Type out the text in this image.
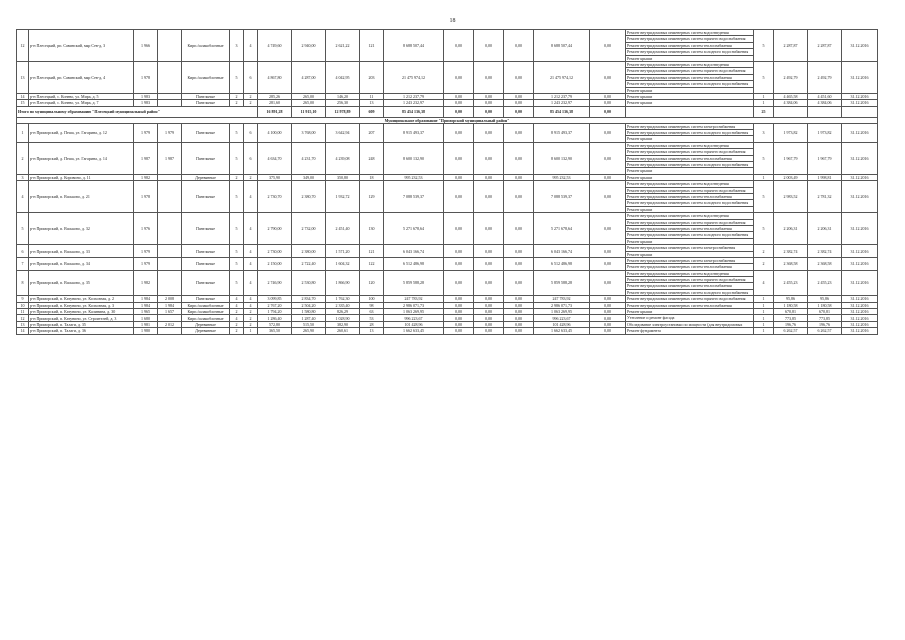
18
12	р-н Плесецкий, рп. Савинский, мкр Сев-д, 3	1 966		Кирп./шлакоблочные	3	4	4 749,60	2 940,00	2 621,22	121	8 688 507,44	0,00	0,00	0,00	8 688 507,44	0,00	Ремонт внутридомовых инженерных систем водоотведения
Ремонт внутридомовых инженерных систем горячего водоснабжения
Ремонт внутридомовых инженерных систем теплоснабжения
Ремонт внутридомовых инженерных систем холодного водоснабжения
Ремонт крыши	5	2 287,87	2 287,87	31.12.2016
13	р-н Плесецкий, рп. Савинский, мкр Сев-д, 4	1 978		Кирп./шлакоблочные	5	6	4 867,80	4 287,00	4 042,95	203	21 475 974,12	0,00	0,00	0,00	21 475 974,12	0,00	Ремонт внутридомовых инженерных систем водоотведения
Ремонт внутридомовых инженерных систем горячего водоснабжения
Ремонт внутридомовых инженерных систем теплоснабжения
Ремонт внутридомовых инженерных систем холодного водоснабжения
Ремонт крыши	5	2 492,79	2 492,79	31.12.2016
14	р-н Плесецкий, с. Конево, ул. Мира, д. 5	1 983		Панельные	2	2	285,26	265,00	146,20	11	1 212 237,79	0,00	0,00	0,00	1 212 237,79	0,00	Ремонт крыши	1	4 465,58	4 451,60	31.12.2016
15	р-н Плесецкий, с. Конево, ул. Мира, д. 7	1 983		Панельные	2	2	281,60	265,00	256,30	13	1 243 232,97	0,00	0,00	0,00	1 243 232,97	0,00	Ремонт крыши	1	4 384,06	4 384,06	31.12.2016
Итого по муниципальному образованию "Плесецкий муниципальный район"							16 891,28	11 915,10	12 978,89	609	85 454 136,38	0,00	0,00	0,00	85 454 136,38	0,00		25			
Муниципальное образование "Приморский муниципальный район"																					
1	р-н Приморский, д. Пеша, ул. Гагарина, д. 12	1 979	1 979	Панельные	5	6	4 100,00	3 768,00	3 642,94	207	8 915 493,37	0,00	0,00	0,00	8 915 493,37	0,00	Ремонт внутридомовых инженерных систем электроснабжения
Ремонт внутридомовых инженерных систем холодного водоснабжения
Ремонт крыши	3	1 973,82	1 973,82	31.12.2016
2	р-н Приморский, д. Пеша, ул. Гагарина, д. 14	1 987	1 987	Панельные	5	6	4 634,70	4 231,70	4 239,08	248	8 600 132,90	0,00	0,00	0,00	8 600 132,90	0,00	Ремонт внутридомовых инженерных систем водоотведения
Ремонт внутридомовых инженерных систем горячего водоснабжения
Ремонт внутридомовых инженерных систем теплоснабжения
Ремонт внутридомовых инженерных систем холодного водоснабжения
Ремонт крыши	5	1 967,79	1 967,79	31.12.2016
3	р-н Приморский, д. Коровино, д. 11	1 982		Деревянные	2	2	375,90	349,00	350,80	18	995 232,53	0,00	0,00	0,00	995 232,53	0,00	Ремонт крыши	1	2 003,49	1 998,81	31.12.2016
4	р-н Приморский, п. Васьково, д. 21	1 978		Панельные	5	4	2 730,70	2 380,70	1 932,72	129	7 088 539,37	0,00	0,00	0,00	7 088 539,37	0,00	Ремонт внутридомовых инженерных систем водоотведения
Ремонт внутридомовых инженерных систем горячего водоснабжения
Ремонт внутридомовых инженерных систем теплоснабжения
Ремонт внутридомовых инженерных систем холодного водоснабжения
Ремонт крыши	5	2 983,52	2 781,32	31.12.2016
5	р-н Приморский, п. Васьково, д. 32	1 976		Панельные	5	4	2 790,00	2 732,00	2 451,40	130	5 271 678,64	0,00	0,00	0,00	5 271 678,64	0,00	Ремонт внутридомовых инженерных систем водоотведения
Ремонт внутридомовых инженерных систем горячего водоснабжения
Ремонт внутридомовых инженерных систем теплоснабжения
Ремонт внутридомовых инженерных систем холодного водоснабжения
Ремонт крыши	5	2 206,31	2 206,31	31.12.2016
6	р-н Приморский, п. Васьково, д. 33	1 979		Панельные	5	4	2 730,00	2 380,00	1 571,20	121	6 043 166,74	0,00	0,00	0,00	6 043 166,74	0,00	Ремонт внутридомовых инженерных систем электроснабжения
Ремонт крыши	2	2 382,74	2 382,74	31.12.2016
7	р-н Приморский, п. Васьково, д. 34	1 979		Панельные	5	4	2 150,00	2 722,40	1 604,32	122	6 512 486,98	0,00	0,00	0,00	6 512 486,98	0,00	Ремонт внутридомовых инженерных систем электроснабжения
Ремонт внутридомовых инженерных систем теплоснабжения	2	2 368,58	2 368,58	31.12.2016
8	р-н Приморский, п. Васьково, д. 35	1 982		Панельные	5	4	2 746,90	2 530,80	1 866,90	120	5 859 588,28	0,00	0,00	0,00	5 859 588,28	0,00	Ремонт внутридомовых инженерных систем водоотведения
Ремонт внутридомовых инженерных систем горячего водоснабжения
Ремонт внутридомовых инженерных систем теплоснабжения
Ремонт внутридомовых инженерных систем холодного водоснабжения	4	2 455,23	2 455,23	31.12.2016
9	р-н Приморский, п. Катунино, ул. Колхозная, д. 2	1 984	2 008	Панельные	4	4	3 099,85	2 834,70	1 762,30	100	247 783,92	0,00	0,00	0,00	247 783,92	0,00	Ремонт внутридомовых инженерных систем горячего водоснабжения	1	95,86	95,86	31.12.2016
10	р-н Приморский, п. Катунино, ул. Колхозная, д. 3	1 984	1 984	Кирп./шлакоблочные	4	4	2 767,20	2 504,20	2 335,40	98	2 986 071,73	0,00	0,00	0,00	2 986 071,73	0,00	Ремонт внутридомовых инженерных систем теплоснабжения	1	1 180,58	1 180,58	31.12.2016
11	р-н Приморский, п. Катунино, ул. Калинина, д. 30	1 965	1 657	Кирп./шлакоблочные	2	2	1 794,20	1 580,80	826,29	63	1 063 269,95	0,00	0,00	0,00	1 063 269,95	0,00	Ремонт крыши	1	670,81	670,81	31.12.2016
12	р-н Приморский, п. Катунино, ул. Строителей, д. 3	1 680		Кирп./шлакоблочные	4	2	1 286,40	1 287,40	1 028,90	53	996 223,67	0,00	0,00	0,00	996 223,67	0,00	Утепление и ремонт фасада	1	773,85	773,85	31.12.2016
13	р-н Приморский, п. Талаги, д. 35	1 981	2 012	Деревянные	2	2	572,80	515,50	382,90	28	101 428,96	0,00	0,00	0,00	101 428,96	0,00	Обследование электроустановки по мощности (для внутридомовых	1	196,76	196,76	31.12.2016
14	р-н Приморский, п. Талаги, д. 36	1 980		Деревянные	2	1	365,50	265,90	260,61	13	1 662 633,45	0,00	0,00	0,00	1 662 633,45	0,00	Ремонт фундамента	1	6 262,57	6 262,57	31.12.2016
